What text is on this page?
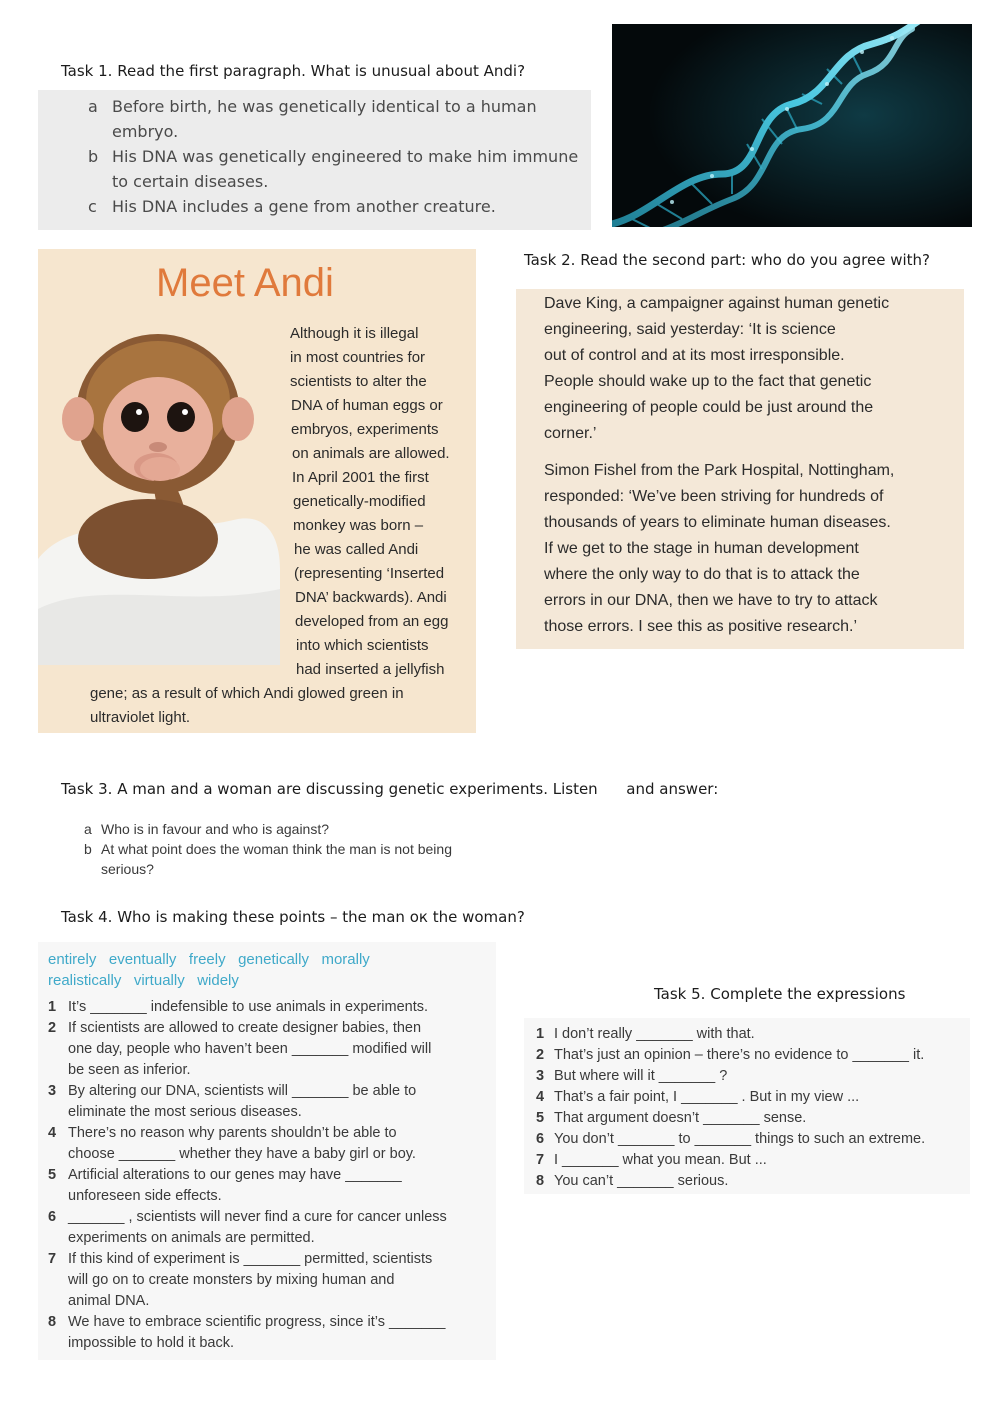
Task 1. Read the first paragraph. What is unusual about Andi?
a Before birth, he was genetically identical to a human
embryo.
b His DNA was genetically engineered to make him immune
to certain diseases.
c His DNA includes a gene from another creature.
Meet Andi
Although it is illegal
in most countries for
scientists to alter the
DNA of human eggs or
embryos, experiments
on animals are allowed.
In April 2001 the first
genetically-modified
monkey was born –
he was called Andi
(representing ‘Inserted
DNA’ backwards). Andi
developed from an egg
into which scientists
had inserted a jellyfish
gene; as a result of which Andi glowed green in
ultraviolet light.
Task 2. Read the second part: who do you agree with?
Dave King, a campaigner against human genetic
engineering, said yesterday: ‘It is science
out of control and at its most irresponsible.
People should wake up to the fact that genetic
engineering of people could be just around the
corner.’
Simon Fishel from the Park Hospital, Nottingham,
responded: ‘We’ve been striving for hundreds of
thousands of years to eliminate human diseases.
If we get to the stage in human development
where the only way to do that is to attack the
errors in our DNA, then we have to try to attack
those errors. I see this as positive research.’
Task 3. A man and a woman are discussing genetic experiments. Listen      and answer:
a Who is in favour and who is against?
b At what point does the woman think the man is not being
serious?
Task 4. Who is making these points – the man oк the woman?
entirely   eventually   freely   genetically   morally
realistically   virtually   widely
1 It’s _______ indefensible to use animals in experiments.
2 If scientists are allowed to create designer babies, then
one day, people who haven’t been _______ modified will
be seen as inferior.
3 By altering our DNA, scientists will _______ be able to
eliminate the most serious diseases.
4 There’s no reason why parents shouldn’t be able to
choose _______ whether they have a baby girl or boy.
5 Artificial alterations to our genes may have _______
unforeseen side effects.
6 _______ , scientists will never find a cure for cancer unless
experiments on animals are permitted.
7 If this kind of experiment is _______ permitted, scientists
will go on to create monsters by mixing human and
animal DNA.
8 We have to embrace scientific progress, since it’s _______
impossible to hold it back.
Task 5. Complete the expressions
1 I don’t really _______ with that.
2 That’s just an opinion – there’s no evidence to _______ it.
3 But where will it _______ ?
4 That’s a fair point, I _______ . But in my view ...
5 That argument doesn’t _______ sense.
6 You don’t _______ to _______ things to such an extreme.
7 I _______ what you mean. But ...
8 You can’t _______ serious.
